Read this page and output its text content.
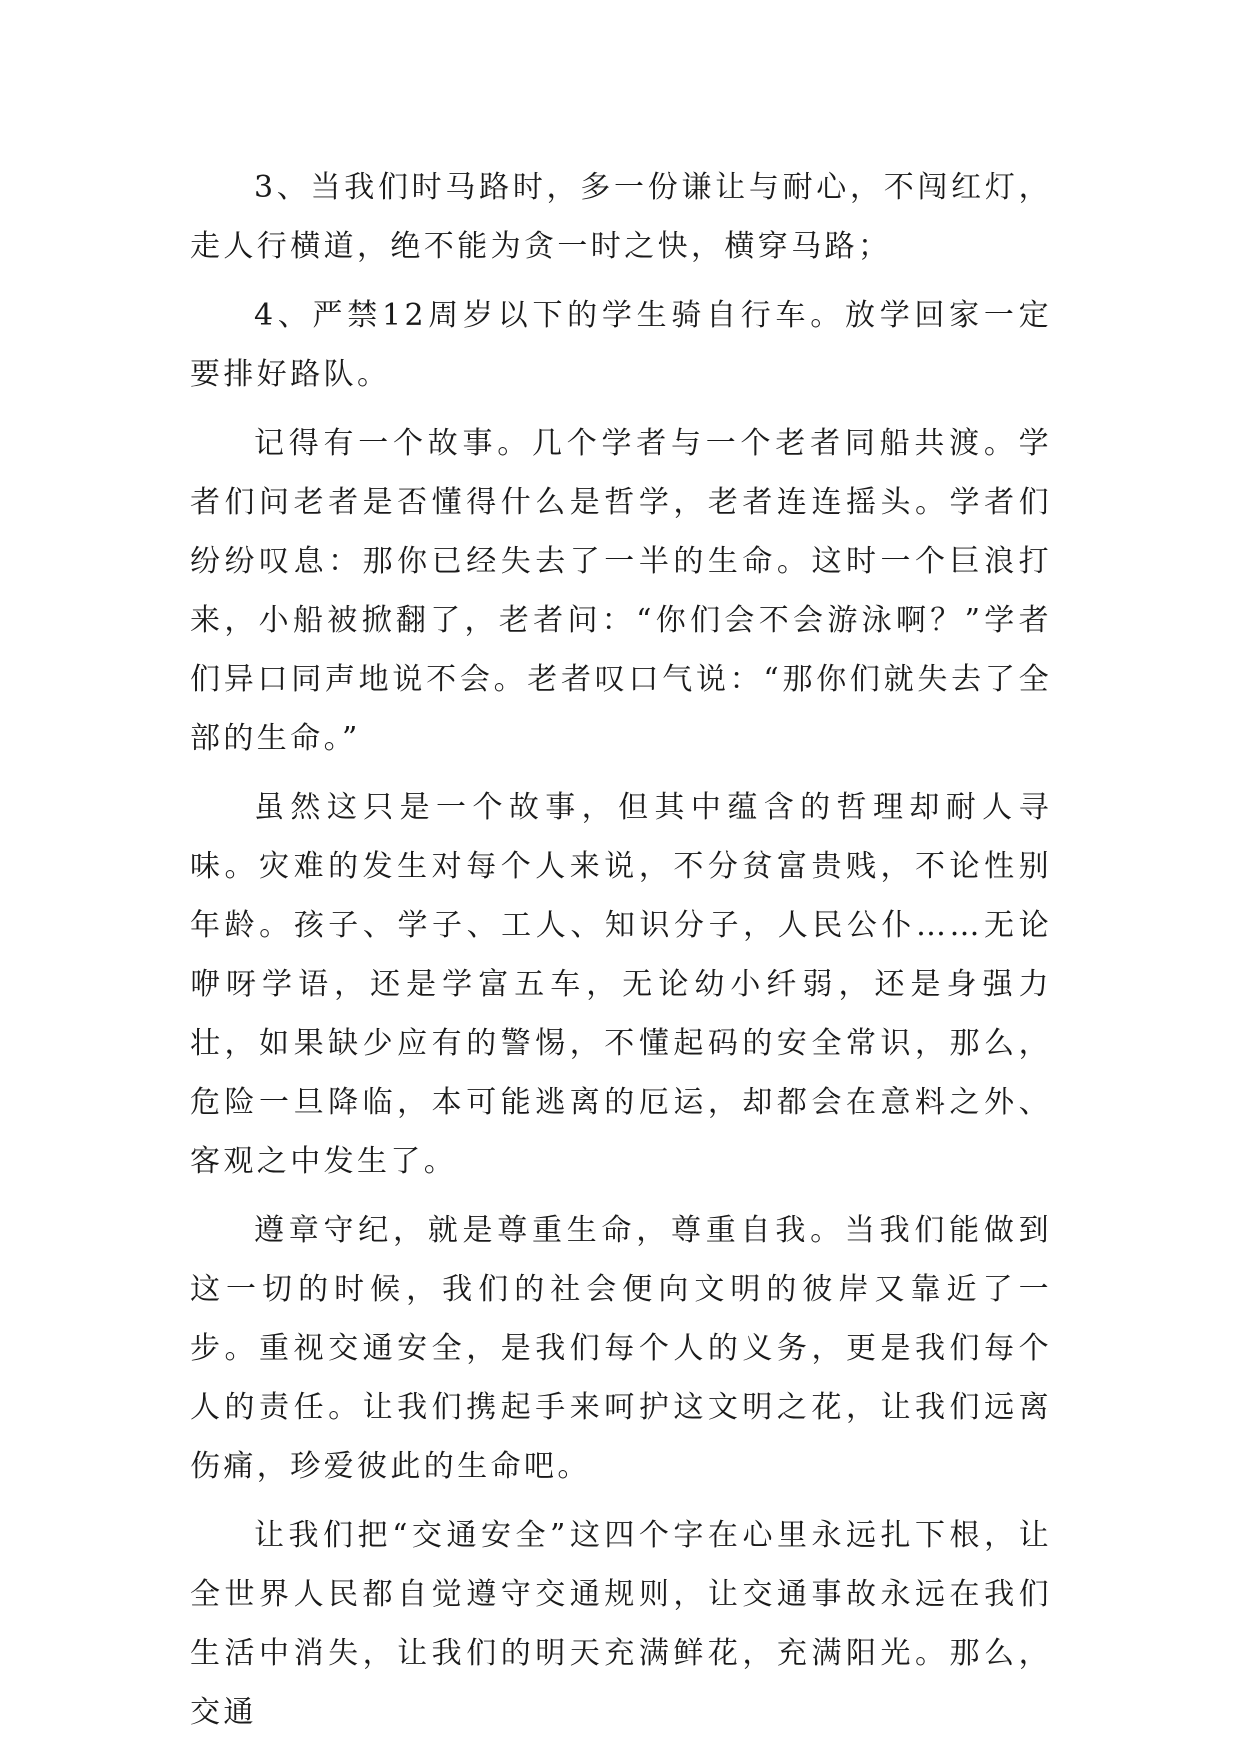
3、当我们时马路时，多一份谦让与耐心，不闯红灯，走人行横道，绝不能为贪一时之快，横穿马路；

4、严禁12周岁以下的学生骑自行车。放学回家一定要排好路队。

记得有一个故事。几个学者与一个老者同船共渡。学者们问老者是否懂得什么是哲学，老者连连摇头。学者们纷纷叹息：那你已经失去了一半的生命。这时一个巨浪打来，小船被掀翻了，老者问：“你们会不会游泳啊？”学者们异口同声地说不会。老者叹口气说：“那你们就失去了全部的生命。”

虽然这只是一个故事，但其中蕴含的哲理却耐人寻味。灾难的发生对每个人来说，不分贫富贵贱，不论性别年龄。孩子、学子、工人、知识分子，人民公仆……无论咿呀学语，还是学富五车，无论幼小纤弱，还是身强力壮，如果缺少应有的警惕，不懂起码的安全常识，那么，危险一旦降临，本可能逃离的厄运，却都会在意料之外、客观之中发生了。

遵章守纪，就是尊重生命，尊重自我。当我们能做到这一切的时候，我们的社会便向文明的彼岸又靠近了一步。重视交通安全，是我们每个人的义务，更是我们每个人的责任。让我们携起手来呵护这文明之花，让我们远离伤痛，珍爱彼此的生命吧。

让我们把“交通安全”这四个字在心里永远扎下根，让全世界人民都自觉遵守交通规则，让交通事故永远在我们生活中消失，让我们的明天充满鲜花，充满阳光。那么，交通
